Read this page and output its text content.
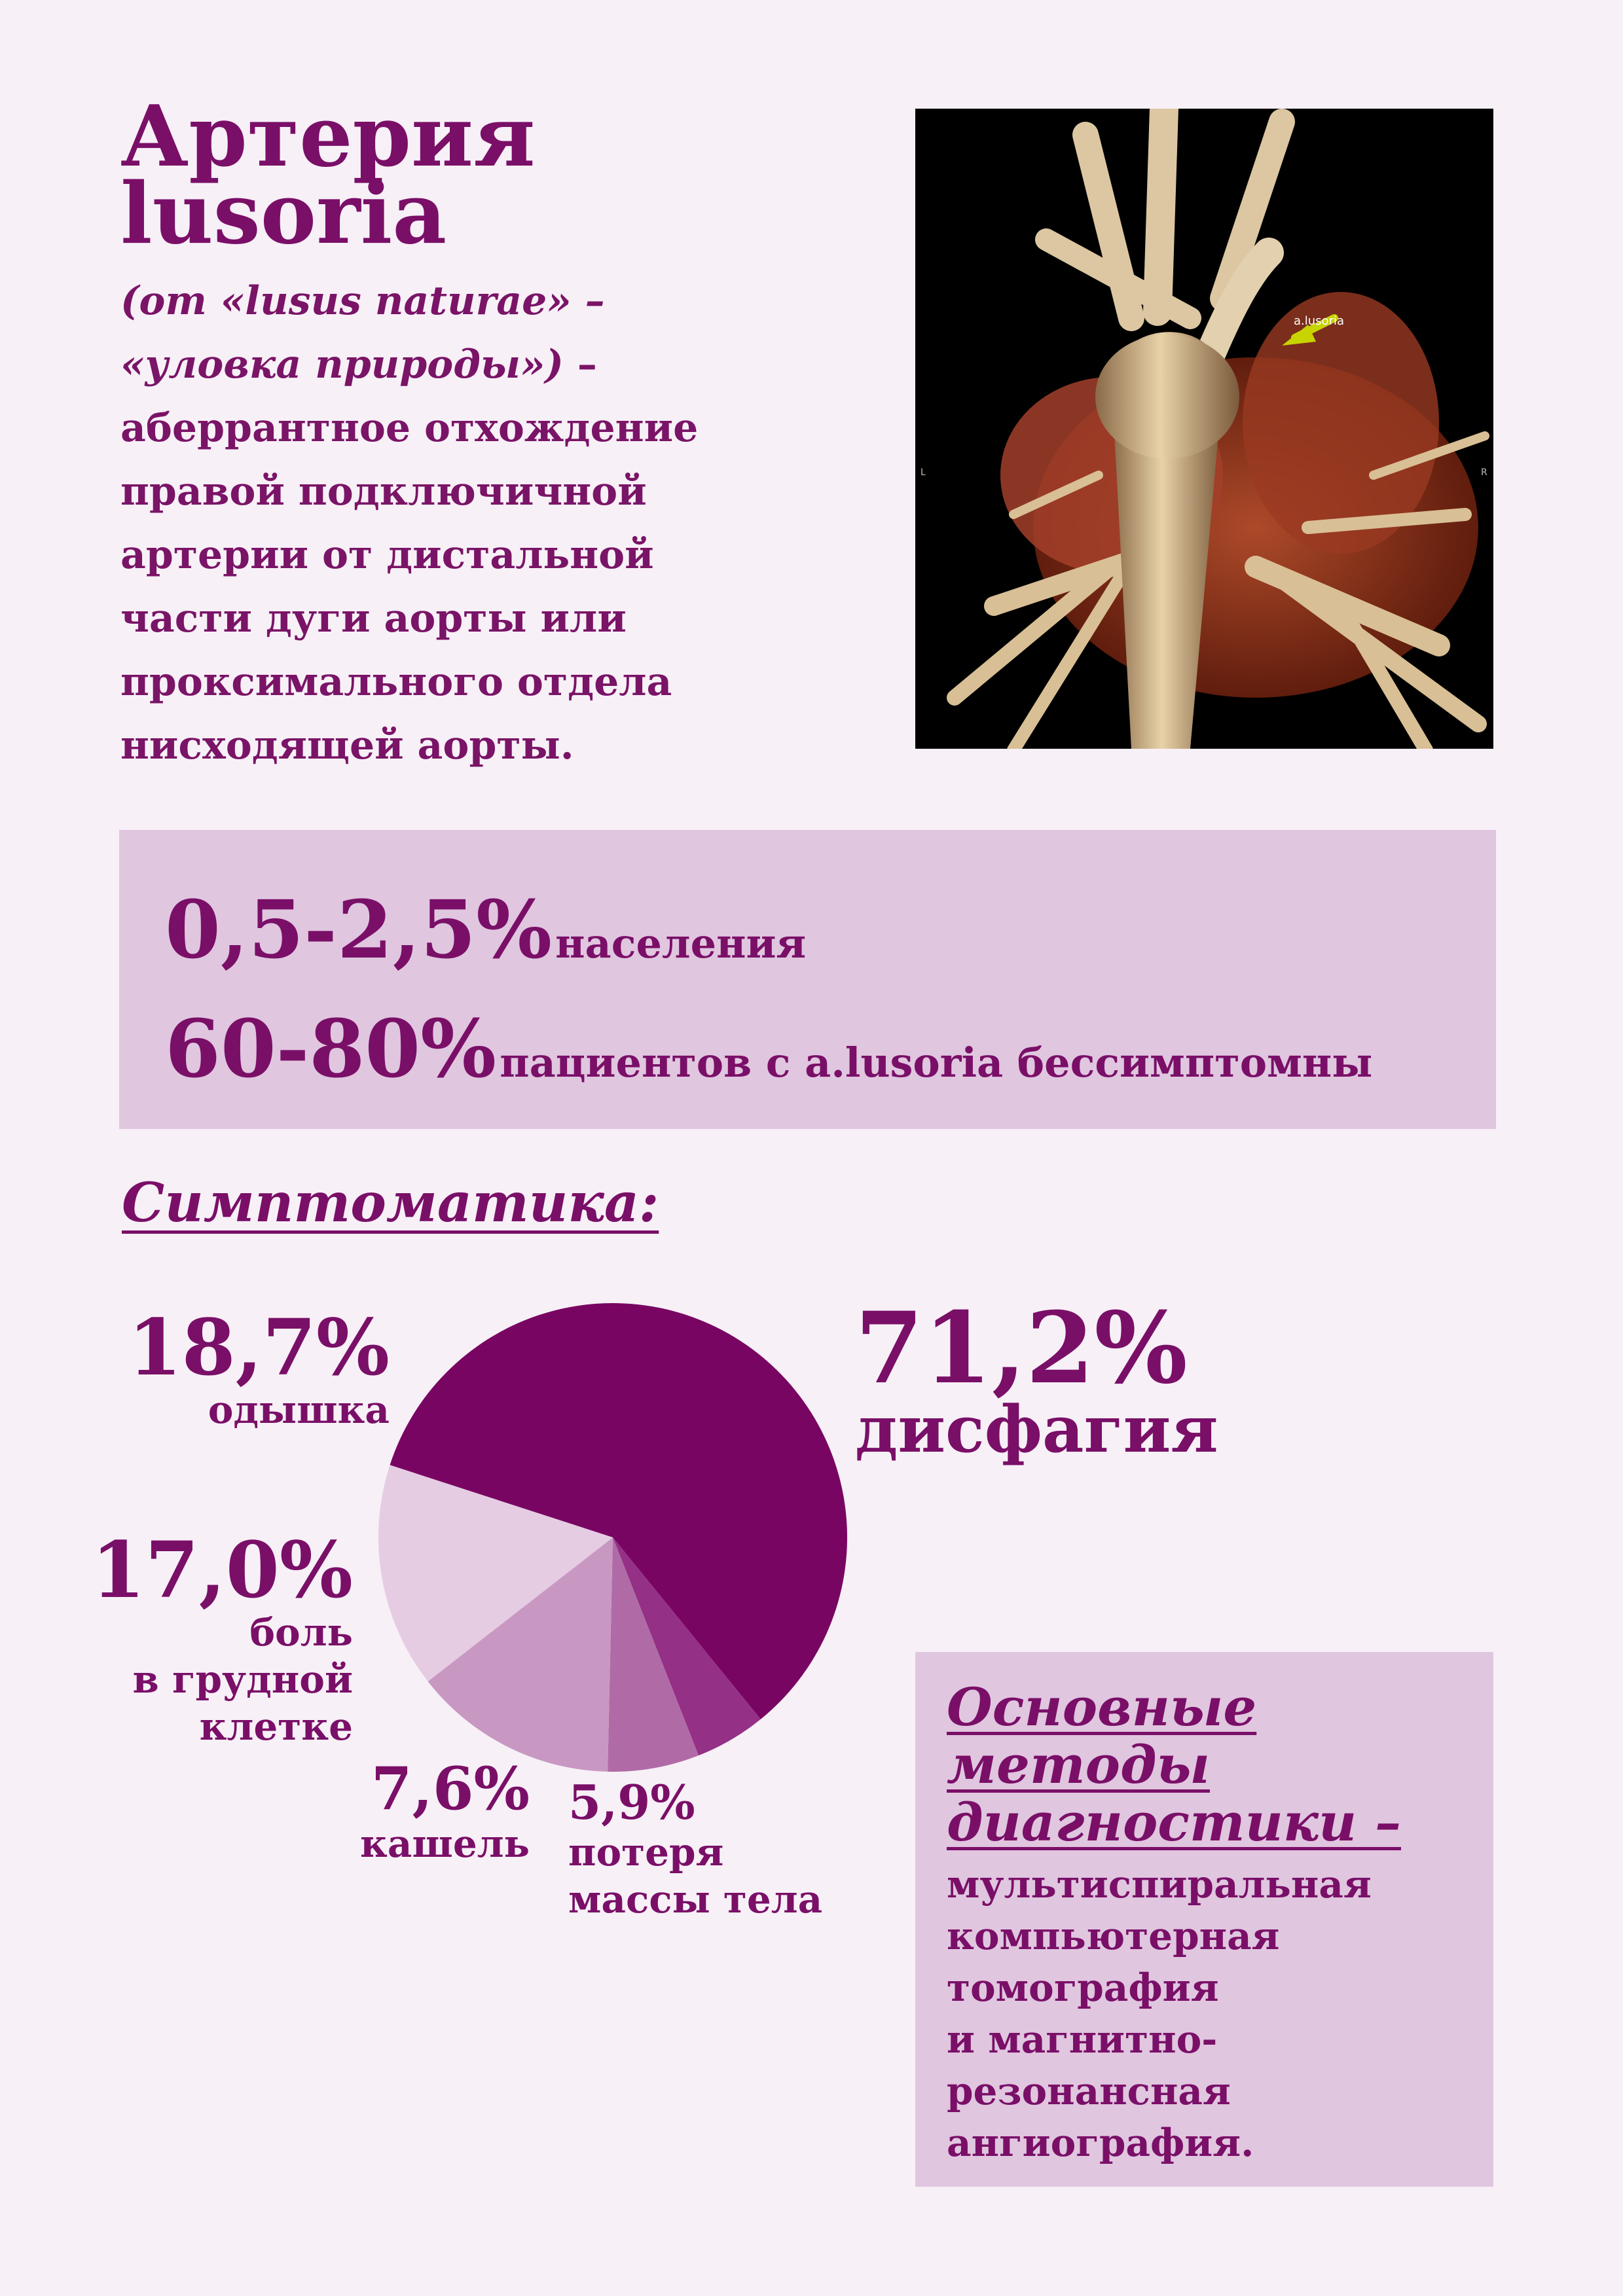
Артерия
lusoria
(от «lusus naturae» –
«уловка природы») –
аберрантное отхождение
правой подключичной
артерии от дистальной
части дуги аорты или
проксимального отдела
нисходящей аорты.
a.lusoria
L	R
0,5-2,5% населения
60-80% пациентов с a.lusoria бессимптомны
Симптоматика:
18,7%
одышка
17,0%
боль
в грудной
клетке
7,6%
кашель
5,9%
потеря
массы тела
71,2%
дисфагия
Основные
методы
диагностики –
мультиспиральная
компьютерная
томография
и магнитно-
резонансная
ангиография.
